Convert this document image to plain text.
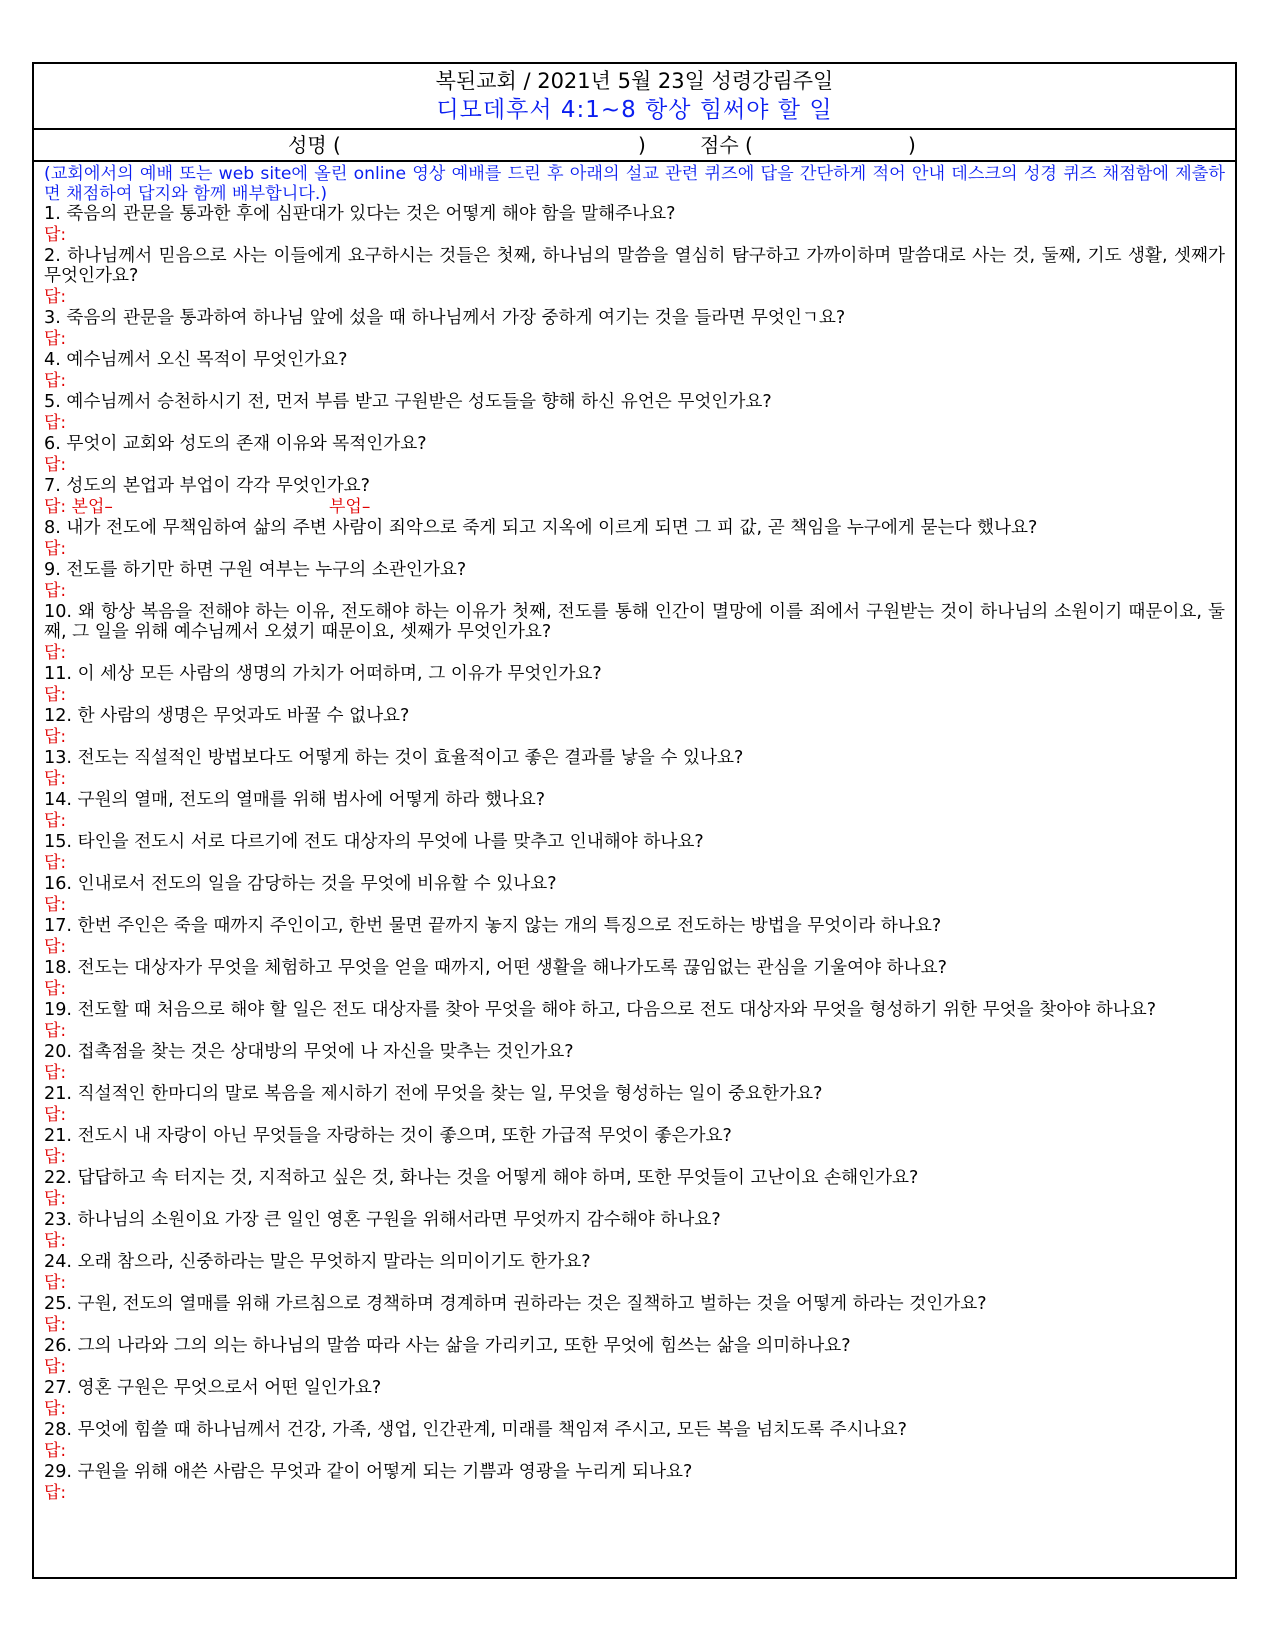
복된교회 / 2021년 5월 23일 성령강림주일
디모데후서 4:1~8 항상 힘써야 할 일
성명 (	)	점수 (	)
(교회에서의 예배 또는 web site에 올린 online 영상 예배를 드린 후 아래의 설교 관련 퀴즈에 답을 간단하게 적어 안내 데스크의 성경 퀴즈 채점함에 제출하면 채점하여 답지와 함께 배부합니다.)
1. 죽음의 관문을 통과한 후에 심판대가 있다는 것은 어떻게 해야 함을 말해주나요?
답:
2. 하나님께서 믿음으로 사는 이들에게 요구하시는 것들은 첫째, 하나님의 말씀을 열심히 탐구하고 가까이하며 말씀대로 사는 것, 둘째, 기도 생활, 셋째가 무엇인가요?
답:
3. 죽음의 관문을 통과하여 하나님 앞에 섰을 때 하나님께서 가장 중하게 여기는 것을 들라면 무엇인ㄱ요?
답:
4. 예수님께서 오신 목적이 무엇인가요?
답:
5. 예수님께서 승천하시기 전, 먼저 부름 받고 구원받은 성도들을 향해 하신 유언은 무엇인가요?
답:
6. 무엇이 교회와 성도의 존재 이유와 목적인가요?
답:
7. 성도의 본업과 부업이 각각 무엇인가요?
답: 본업–	부업–
8. 내가 전도에 무책임하여 삶의 주변 사람이 죄악으로 죽게 되고 지옥에 이르게 되면 그 피 값, 곧 책임을 누구에게 묻는다 했나요?
답:
9. 전도를 하기만 하면 구원 여부는 누구의 소관인가요?
답:
10. 왜 항상 복음을 전해야 하는 이유, 전도해야 하는 이유가 첫째, 전도를 통해 인간이 멸망에 이를 죄에서 구원받는 것이 하나님의 소원이기 때문이요, 둘째, 그 일을 위해 예수님께서 오셨기 때문이요, 셋째가 무엇인가요?
답:
11. 이 세상 모든 사람의 생명의 가치가 어떠하며, 그 이유가 무엇인가요?
답:
12. 한 사람의 생명은 무엇과도 바꿀 수 없나요?
답:
13. 전도는 직설적인 방법보다도 어떻게 하는 것이 효율적이고 좋은 결과를 낳을 수 있나요?
답:
14. 구원의 열매, 전도의 열매를 위해 범사에 어떻게 하라 했나요?
답:
15. 타인을 전도시 서로 다르기에 전도 대상자의 무엇에 나를 맞추고 인내해야 하나요?
답:
16. 인내로서 전도의 일을 감당하는 것을 무엇에 비유할 수 있나요?
답:
17. 한번 주인은 죽을 때까지 주인이고, 한번 물면 끝까지 놓지 않는 개의 특징으로 전도하는 방법을 무엇이라 하나요?
답:
18. 전도는 대상자가 무엇을 체험하고 무엇을 얻을 때까지, 어떤 생활을 해나가도록 끊임없는 관심을 기울여야 하나요?
답:
19. 전도할 때 처음으로 해야 할 일은 전도 대상자를 찾아 무엇을 해야 하고, 다음으로 전도 대상자와 무엇을 형성하기 위한 무엇을 찾아야 하나요?
답:
20. 접촉점을 찾는 것은 상대방의 무엇에 나 자신을 맞추는 것인가요?
답:
21. 직설적인 한마디의 말로 복음을 제시하기 전에 무엇을 찾는 일, 무엇을 형성하는 일이 중요한가요?
답:
21. 전도시 내 자랑이 아닌 무엇들을 자랑하는 것이 좋으며, 또한 가급적 무엇이 좋은가요?
답:
22. 답답하고 속 터지는 것, 지적하고 싶은 것, 화나는 것을 어떻게 해야 하며, 또한 무엇들이 고난이요 손해인가요?
답:
23. 하나님의 소원이요 가장 큰 일인 영혼 구원을 위해서라면 무엇까지 감수해야 하나요?
답:
24. 오래 참으라, 신중하라는 말은 무엇하지 말라는 의미이기도 한가요?
답:
25. 구원, 전도의 열매를 위해 가르침으로 경책하며 경계하며 권하라는 것은 질책하고 벌하는 것을 어떻게 하라는 것인가요?
답:
26. 그의 나라와 그의 의는 하나님의 말씀 따라 사는 삶을 가리키고, 또한 무엇에 힘쓰는 삶을 의미하나요?
답:
27. 영혼 구원은 무엇으로서 어떤 일인가요?
답:
28. 무엇에 힘쓸 때 하나님께서 건강, 가족, 생업, 인간관계, 미래를 책임져 주시고, 모든 복을 넘치도록 주시나요?
답:
29. 구원을 위해 애쓴 사람은 무엇과 같이 어떻게 되는 기쁨과 영광을 누리게 되나요?
답:
